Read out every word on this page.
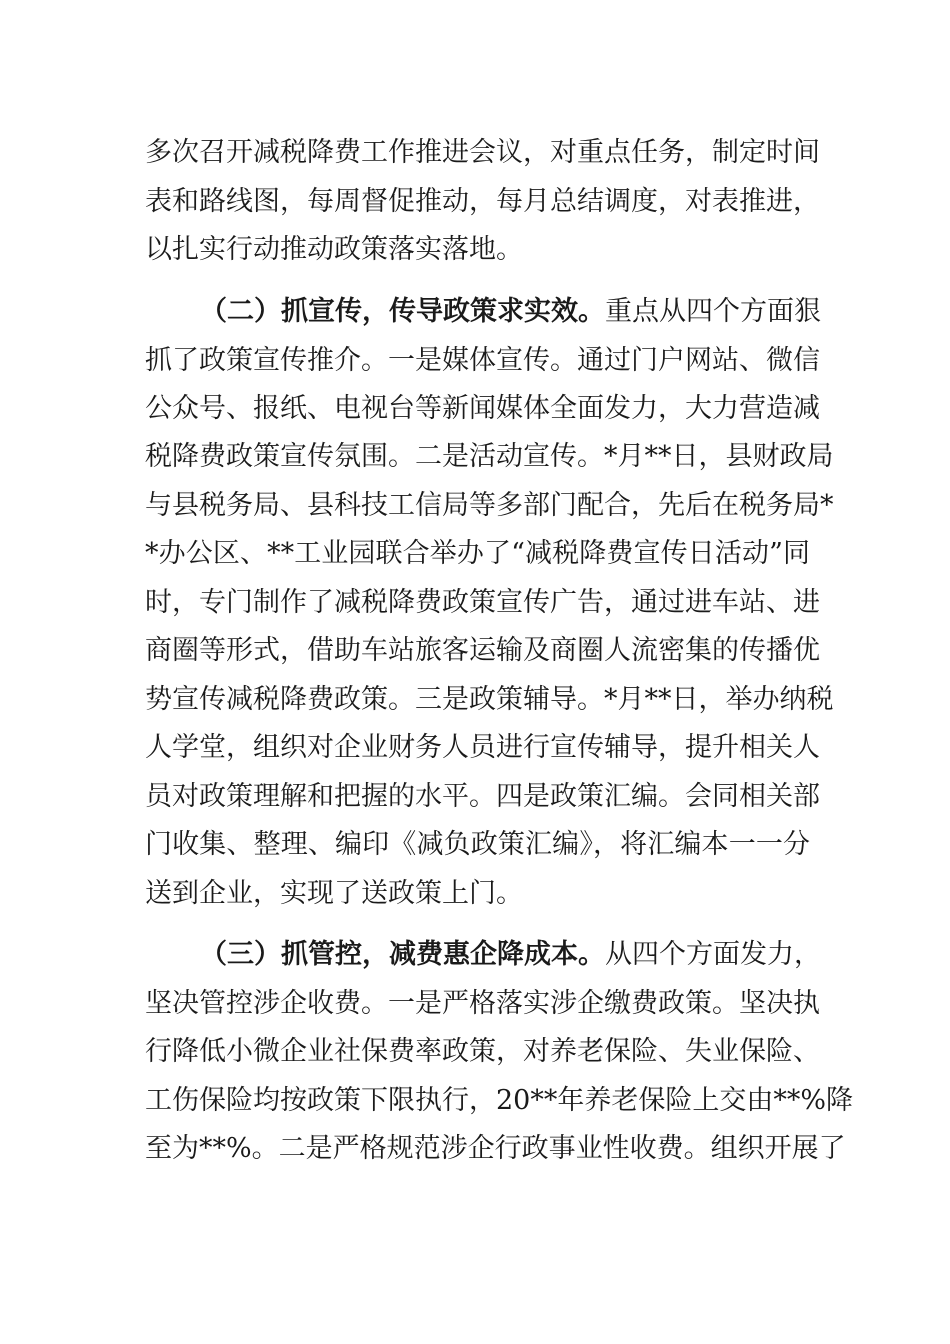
多次召开减税降费工作推进会议，对重点任务，制定时间
表和路线图，每周督促推动，每月总结调度，对表推进，
以扎实行动推动政策落实落地。
（二）抓宣传，传导政策求实效。重点从四个方面狠
抓了政策宣传推介。一是媒体宣传。通过门户网站、微信
公众号、报纸、电视台等新闻媒体全面发力，大力营造减
税降费政策宣传氛围。二是活动宣传。*月**日，县财政局
与县税务局、县科技工信局等多部门配合，先后在税务局*
*办公区、**工业园联合举办了“减税降费宣传日活动”同
时，专门制作了减税降费政策宣传广告，通过进车站、进
商圈等形式，借助车站旅客运输及商圈人流密集的传播优
势宣传减税降费政策。三是政策辅导。*月**日，举办纳税
人学堂，组织对企业财务人员进行宣传辅导，提升相关人
员对政策理解和把握的水平。四是政策汇编。会同相关部
门收集、整理、编印《减负政策汇编》，将汇编本一一分
送到企业，实现了送政策上门。
（三）抓管控，减费惠企降成本。从四个方面发力，
坚决管控涉企收费。一是严格落实涉企缴费政策。坚决执
行降低小微企业社保费率政策，对养老保险、失业保险、
工伤保险均按政策下限执行，20**年养老保险上交由**%降
至为**%。二是严格规范涉企行政事业性收费。组织开展了
